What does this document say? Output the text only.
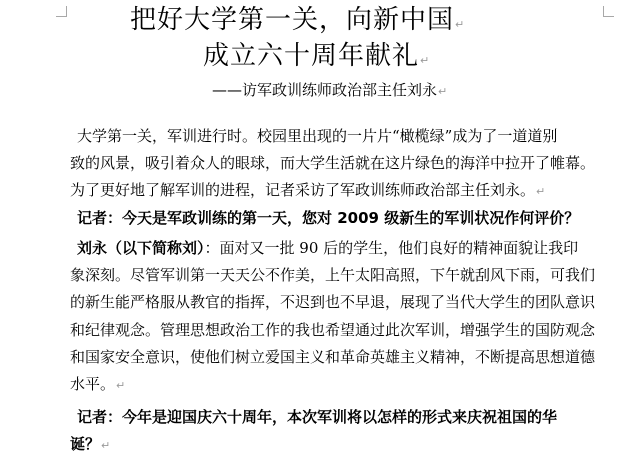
把好大学第一关，向新中国↵
成立六十周年献礼↵
——访军政训练师政治部主任刘永↵
大学第一关，军训进行时。校园里出现的一片片“橄榄绿”成为了一道道别
致的风景，吸引着众人的眼球，而大学生活就在这片绿色的海洋中拉开了帷幕。
为了更好地了解军训的进程，记者采访了军政训练师政治部主任刘永。↵
记者：今天是军政训练的第一天，您对 2009 级新生的军训状况作何评价？
刘永（以下简称刘）：面对又一批 90 后的学生，他们良好的精神面貌让我印
象深刻。尽管军训第一天天公不作美，上午太阳高照，下午就刮风下雨，可我们
的新生能严格服从教官的指挥，不迟到也不早退，展现了当代大学生的团队意识
和纪律观念。管理思想政治工作的我也希望通过此次军训，增强学生的国防观念
和国家安全意识，使他们树立爱国主义和革命英雄主义精神，不断提高思想道德
水平。↵
记者：今年是迎国庆六十周年，本次军训将以怎样的形式来庆祝祖国的华
诞？↵
